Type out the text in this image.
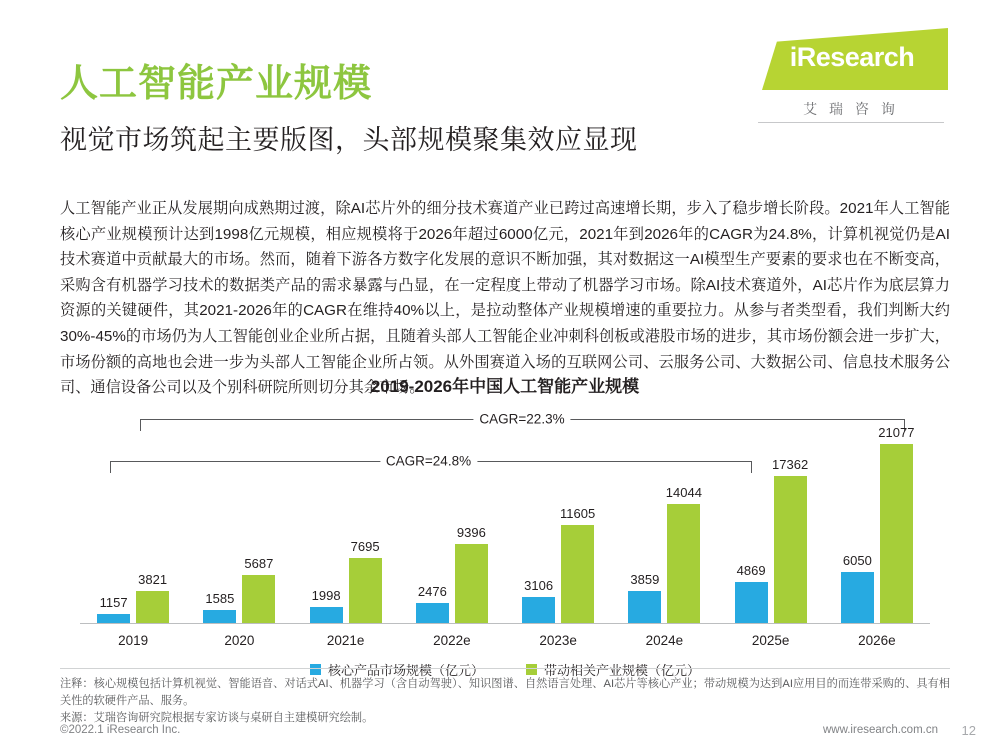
iResearch
艾 瑞 咨 询
人工智能产业规模
视觉市场筑起主要版图，头部规模聚集效应显现
人工智能产业正从发展期向成熟期过渡，除AI芯片外的细分技术赛道产业已跨过高速增长期，步入了稳步增长阶段。2021年人工智能核心产业规模预计达到1998亿元规模，相应规模将于2026年超过6000亿元，2021年到2026年的CAGR为24.8%，计算机视觉仍是AI技术赛道中贡献最大的市场。然而，随着下游各方数字化发展的意识不断加强，其对数据这一AI模型生产要素的要求也在不断变高，采购含有机器学习技术的数据类产品的需求暴露与凸显，在一定程度上带动了机器学习市场。除AI技术赛道外，AI芯片作为底层算力资源的关键硬件，其2021-2026年的CAGR在维持40%以上，是拉动整体产业规模增速的重要拉力。从参与者类型看，我们判断大约30%-45%的市场仍为人工智能创业企业所占据，且随着头部人工智能企业冲刺科创板或港股市场的进步，其市场份额会进一步扩大，市场份额的高地也会进一步为头部人工智能企业所占领。从外围赛道入场的互联网公司、云服务公司、大数据公司、信息技术服务公司、通信设备公司以及个别科研院所则切分其余市场。
2019-2026年中国人工智能产业规模
CAGR=22.3%
CAGR=24.8%
1157
3821
1585
5687
1998
7695
2476
9396
3106
11605
3859
14044
4869
17362
6050
21077
2019	2020	2021e	2022e	2023e	2024e	2025e	2026e
核心产品市场规模（亿元）	带动相关产业规模（亿元）
注释：核心规模包括计算机视觉、智能语音、对话式AI、机器学习（含自动驾驶）、知识图谱、自然语言处理、AI芯片等核心产业；带动规模为达到AI应用目的而连带采购的、具有相关性的软硬件产品、服务。
来源：艾瑞咨询研究院根据专家访谈与桌研自主建模研究绘制。
©2022.1 iResearch Inc.	www.iresearch.com.cn 12
